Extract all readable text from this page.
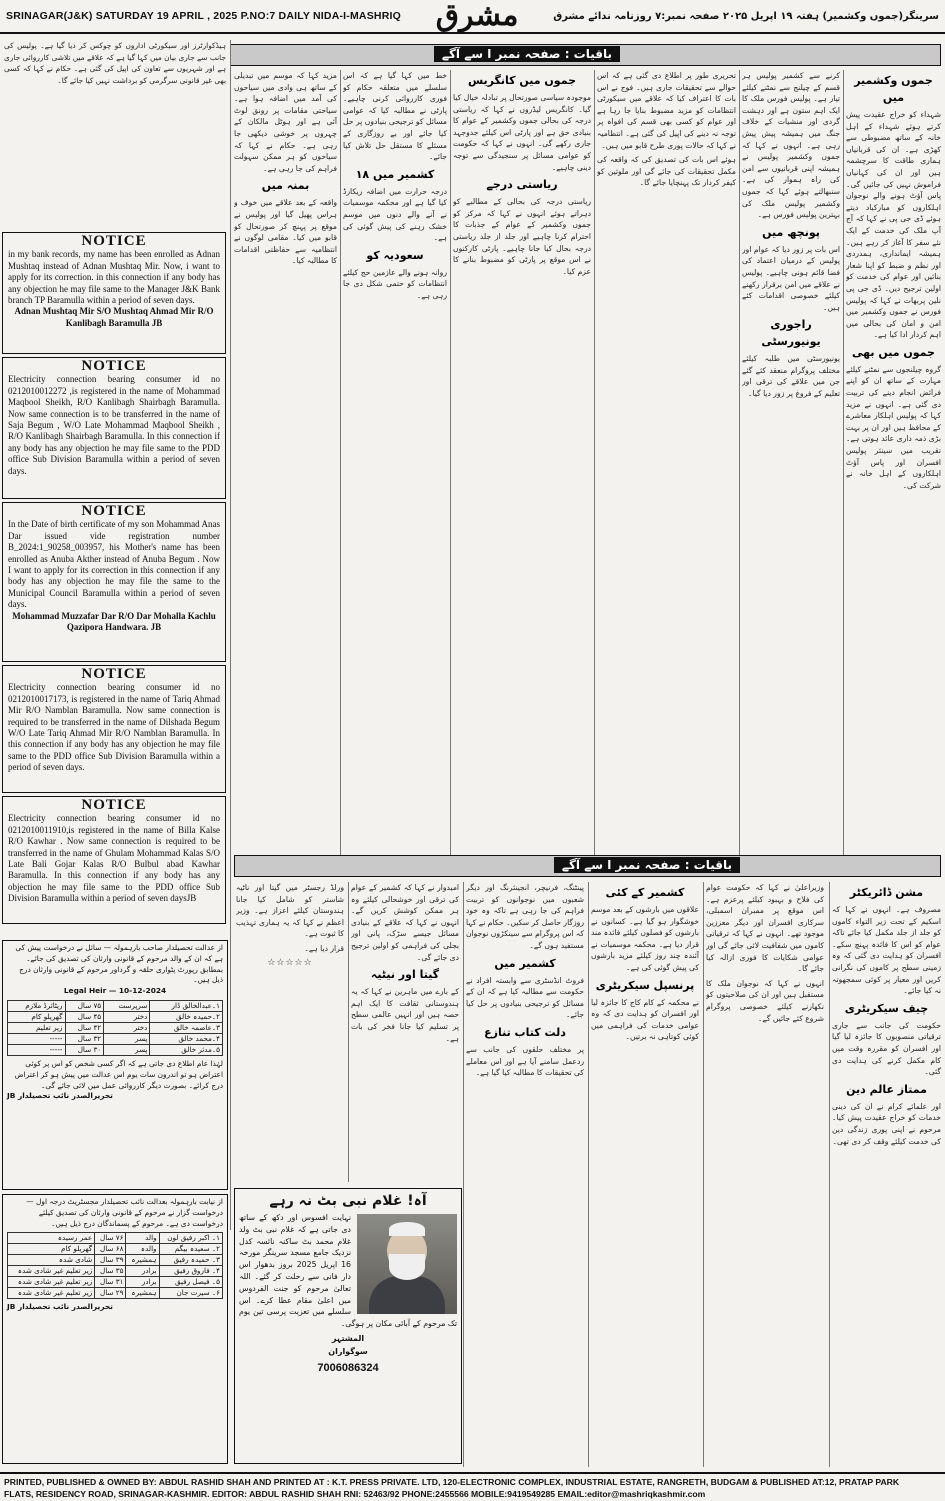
SRINAGAR(J&K) SATURDAY 19 APRIL , 2025 P.NO:7 DAILY NIDA-I-MASHRIQ مشرق	سرینگر(جموں وکشمیر) ہفتہ ۱۹ اپریل ۲۰۲۵ صفحہ نمبر:۷ روزنامہ ندائے مشرق
باقیات : صفحہ نمبر ا سے آگے
جموں وکشمیر میں

شہداء کو خراج عقیدت پیش کرتے ہوئے شہداء کے اہل خانہ کے ساتھ مضبوطی سے کھڑی ہے۔ ان کی قربانیاں ہماری طاقت کا سرچشمہ ہیں اور ان کی کہانیاں فراموش نہیں کی جائیں گی۔ پاس آؤٹ ہونے والے نوجوان اہلکاروں کو مبارکباد دیتے ہوئے ڈی جی پی نے کہا کہ آج آپ ملک کی خدمت کے ایک نئے سفر کا آغاز کر رہے ہیں۔ ہمیشہ ایمانداری، ہمدردی اور نظم و ضبط کو اپنا شعار بنائیں اور عوام کی خدمت کو اولین ترجیح دیں۔ ڈی جی پی نلین پربھات نے کہا کہ پولیس فورس نے جموں وکشمیر میں امن و امان کی بحالی میں اہم کردار ادا کیا ہے۔

جموں میں بھی

گروہ چیلنجوں سے نمٹنے کیلئے مہارت کے ساتھ ان کو اپنے فرائض انجام دینے کی تربیت دی گئی ہے۔ انہوں نے مزید کہا کہ پولیس اہلکار معاشرے کے محافظ ہیں اور ان پر بہت بڑی ذمہ داری عائد ہوتی ہے۔ تقریب میں سینئر پولیس افسران اور پاس آؤٹ اہلکاروں کے اہل خانہ نے شرکت کی۔

کرنے سے کشمیر پولیس ہر قسم کے چیلنج سے نمٹنے کیلئے تیار ہے۔ پولیس فورس ملک کا ایک اہم ستون ہے اور دہشت گردی اور منشیات کے خلاف جنگ میں ہمیشہ پیش پیش رہی ہے۔ انہوں نے کہا کہ جموں وکشمیر پولیس نے ہمیشہ اپنی قربانیوں سے امن کی راہ ہموار کی ہے۔ سنبھالتے ہوئے کہا کہ جموں وکشمیر پولیس ملک کی بہترین پولیس فورس ہے۔

پونچھ میں

اس بات پر زور دیا کہ عوام اور پولیس کے درمیان اعتماد کی فضا قائم ہونی چاہیے۔ پولیس نے علاقے میں امن برقرار رکھنے کیلئے خصوصی اقدامات کئے ہیں۔

راجوری یونیورسٹی

یونیورسٹی میں طلبہ کیلئے مختلف پروگرام منعقد کئے گئے جن میں علاقے کی ترقی اور تعلیم کے فروغ پر زور دیا گیا۔

تحریری طور پر اطلاع دی گئی ہے کہ اس حوالے سے تحقیقات جاری ہیں۔ فوج نے اس بات کا اعتراف کیا کہ علاقے میں سیکورٹی انتظامات کو مزید مضبوط بنایا جا رہا ہے اور عوام کو کسی بھی قسم کی افواہ پر توجہ نہ دینے کی اپیل کی گئی ہے۔ انتظامیہ نے کہا کہ حالات پوری طرح قابو میں ہیں۔

ہوئے اس بات کی تصدیق کی کہ واقعہ کی مکمل تحقیقات کی جائے گی اور ملوثین کو کیفر کردار تک پہنچایا جائے گا۔

جموں میں کانگریس

موجودہ سیاسی صورتحال پر تبادلہ خیال کیا گیا۔ کانگریس لیڈروں نے کہا کہ ریاستی درجہ کی بحالی جموں وکشمیر کے عوام کا بنیادی حق ہے اور پارٹی اس کیلئے جدوجہد جاری رکھے گی۔ انہوں نے کہا کہ حکومت کو عوامی مسائل پر سنجیدگی سے توجہ دینی چاہیے۔

ریاستی درجے

ریاستی درجہ کی بحالی کے مطالبے کو دہراتے ہوئے انہوں نے کہا کہ مرکز کو جموں وکشمیر کے عوام کے جذبات کا احترام کرنا چاہیے اور جلد از جلد ریاستی درجہ بحال کیا جانا چاہیے۔ پارٹی کارکنوں نے اس موقع پر پارٹی کو مضبوط بنانے کا عزم کیا۔

خط میں کہا گیا ہے کہ اس سلسلے میں متعلقہ حکام کو فوری کارروائی کرنی چاہیے۔ پارٹی نے مطالبہ کیا کہ عوامی مسائل کو ترجیحی بنیادوں پر حل کیا جائے اور بے روزگاری کے مسئلے کا مستقل حل تلاش کیا جائے۔

کشمیر میں ۱۸

درجہ حرارت میں اضافہ ریکارڈ کیا گیا ہے اور محکمہ موسمیات نے آنے والے دنوں میں موسم خشک رہنے کی پیش گوئی کی ہے۔

سعودیہ کو

روانہ ہونے والے عازمین حج کیلئے انتظامات کو حتمی شکل دی جا رہی ہے۔

مزید کہا کہ موسم میں تبدیلی کے ساتھ ہی وادی میں سیاحوں کی آمد میں اضافہ ہوا ہے۔ سیاحتی مقامات پر رونق لوٹ آئی ہے اور ہوٹل مالکان کے چہروں پر خوشی دیکھی جا رہی ہے۔ حکام نے کہا کہ سیاحوں کو ہر ممکن سہولت فراہم کی جا رہی ہے۔

بمنہ میں

واقعہ کے بعد علاقے میں خوف و ہراس پھیل گیا اور پولیس نے موقع پر پہنچ کر صورتحال کو قابو میں کیا۔ مقامی لوگوں نے انتظامیہ سے حفاظتی اقدامات کا مطالبہ کیا۔

ہیڈکوارٹرز اور سیکورٹی اداروں کو چوکس کر دیا گیا ہے۔ پولیس کی جانب سے جاری بیان میں کہا گیا ہے کہ علاقے میں تلاشی کارروائی جاری ہے اور شہریوں سے تعاون کی اپیل کی گئی ہے۔ حکام نے کہا کہ کسی بھی غیر قانونی سرگرمی کو برداشت نہیں کیا جائے گا۔

NOTICE
in my bank records, my name has been enrolled as Adnan Mushtaq instead of Adnan Mushtaq Mir. Now, i want to apply for its correction. in this connection if any body has any objection he may file same to the Manager J&K Bank branch TP Baramulla within a period of seven days.
Adnan Mushtaq Mir S/O Mushtaq Ahmad Mir R/O Kanlibagh Baramulla JB
NOTICE
Electricity connection bearing consumer id no 0212010012272 ,is registered in the name of Mohammad Maqbool Sheikh, R/O Kanlibagh Shairbagh Baramulla. Now same connection is to be transferred in the name of Saja Begum , W/O Late Mohammad Maqbool Sheikh , R/O Kanlibagh Shairbagh Baramulla. In this connection if any body has any objection he may file same to the PDD office Sub Division Baramulla within a period of seven days.
NOTICE
In the Date of birth certificate of my son Mohammad Anas Dar issued vide registration number B_2024:1_90258_003957, his Mother's name has been enrolled as Anuba Akther instead of Anuba Begum . Now I want to apply for its correction in this connection if any body has any objection he may file the same to the Municipal Council Baramulla within a period of seven days.
Mohammad Muzzafar Dar R/O Dar Mohalla Kachlu Qazipora Handwara. JB
NOTICE
Electricity connection bearing consumer id no 0212010017173, is registered in the name of Tariq Ahmad Mir R/O Namblan Baramulla. Now same connection is required to be transferred in the name of Dilshada Begum W/O Late Tariq Ahmad Mir R/O Namblan Baramulla. In this connection if any body has any objection he may file same to the PDD office Sub Division Baramulla within a period of seven days.
NOTICE
Electricity connection bearing consumer id no 0212010011910,is registered in the name of Billa Kalse R/O Kawhar . Now same connection is required to be transferred in the name of Ghulam Mohammad Kalas S/O Late Bali Gojar Kalas R/O Bulbul abad Kawhar Baramulla. In this connection if any body has any objection he may file same to the PDD office Sub Division Baramulla within a period of seven daysJB
از عدالت تحصیلدار صاحب بارہمولہ — سائل نے درخواست پیش کی ہے کہ ان کے والد مرحوم کے قانونی وارثان کی تصدیق کی جائے۔ بمطابق رپورٹ پٹواری حلقہ و گرداور مرحوم کے قانونی وارثان درج ذیل ہیں۔
Legal Heir — 10-12-2024
۱۔عبدالخالق ڈار	سرپرست	۷۵ سال	ریٹائرڈ ملازم
۲۔حمیدہ خالق	دختر	۴۵ سال	گھریلو کام
۳۔عاصمہ خالق	دختر	۴۲ سال	زیر تعلیم
۴۔محمد خالق	پسر	۳۲ سال	-----
۵۔مدثر خالق	پسر	۳۰ سال	-----
لہٰذا عام اطلاع دی جاتی ہے کہ اگر کسی شخص کو اس پر کوئی اعتراض ہو تو اندرون سات یوم اس عدالت میں پیش ہو کر اعتراض درج کرائے۔ بصورت دیگر کارروائی عمل میں لائی جائے گی۔
تحریرالصدر نائب تحصیلدار JB
از نیابت بارہمولہ بعدالت نائب تحصیلدار مجسٹریٹ درجہ اول — درخواست گزار نے مرحوم کے قانونی وارثان کی تصدیق کیلئے درخواست دی ہے۔ مرحوم کے پسماندگان درج ذیل ہیں۔
۱۔ اکبر رفیق لون	والد	۷۶ سال	عمر رسیدہ
۲۔ سعیدہ بیگم	والدہ	۶۸ سال	گھریلو کام
۳۔ حمیدہ رفیق	ہمشیرہ	۳۹ سال	شادی شدہ
۴۔ فاروق رفیق	برادر	۳۵ سال	زیر تعلیم غیر شادی شدہ
۵۔ فیصل رفیق	برادر	۳۱ سال	زیر تعلیم غیر شادی شدہ
۶۔ سیرت جان	ہمشیرہ	۲۹ سال	زیر تعلیم غیر شادی شدہ
تحریرالصدر نائب تحصیلدار JB
باقیات : صفحہ نمبر ا سے آگے
مشن ڈائریکٹر

مصروف ہے۔ انہوں نے کہا کہ اسکیم کے تحت زیر التواء کاموں کو جلد از جلد مکمل کیا جائے تاکہ عوام کو اس کا فائدہ پہنچ سکے۔ افسران کو ہدایت دی گئی کہ وہ زمینی سطح پر کاموں کی نگرانی کریں اور معیار پر کوئی سمجھوتہ نہ کیا جائے۔

چیف سیکریٹری

حکومت کی جانب سے جاری ترقیاتی منصوبوں کا جائزہ لیا گیا اور افسران کو مقررہ وقت میں کام مکمل کرنے کی ہدایت دی گئی۔

ممتاز عالم دین

اور علمائے کرام نے ان کی دینی خدمات کو خراج عقیدت پیش کیا۔ مرحوم نے اپنی پوری زندگی دین کی خدمت کیلئے وقف کر دی تھی۔

وزیراعلیٰ نے کہا کہ حکومت عوام کی فلاح و بہبود کیلئے پرعزم ہے۔ اس موقع پر ممبران اسمبلی، سرکاری افسران اور دیگر معززین موجود تھے۔ انہوں نے کہا کہ ترقیاتی کاموں میں شفافیت لائی جائے گی اور عوامی شکایات کا فوری ازالہ کیا جائے گا۔

انہوں نے کہا کہ نوجوان ملک کا مستقبل ہیں اور ان کی صلاحیتوں کو نکھارنے کیلئے خصوصی پروگرام شروع کئے جائیں گے۔

کشمیر کے کئی

علاقوں میں بارشوں کے بعد موسم خوشگوار ہو گیا ہے۔ کسانوں نے بارشوں کو فصلوں کیلئے فائدہ مند قرار دیا ہے۔ محکمہ موسمیات نے آئندہ چند روز کیلئے مزید بارشوں کی پیش گوئی کی ہے۔

پرنسپل سیکریٹری

نے محکمہ کے کام کاج کا جائزہ لیا اور افسران کو ہدایت دی کہ وہ عوامی خدمات کی فراہمی میں کوئی کوتاہی نہ برتیں۔

پینٹنگ، فرنیچر، انجینئرنگ اور دیگر شعبوں میں نوجوانوں کو تربیت فراہم کی جا رہی ہے تاکہ وہ خود روزگار حاصل کر سکیں۔ حکام نے کہا کہ اس پروگرام سے سینکڑوں نوجوان مستفید ہوں گے۔

کشمیر میں

فروٹ انڈسٹری سے وابستہ افراد نے حکومت سے مطالبہ کیا ہے کہ ان کے مسائل کو ترجیحی بنیادوں پر حل کیا جائے۔

دلت کتاب تنازع

پر مختلف حلقوں کی جانب سے ردعمل سامنے آیا ہے اور اس معاملے کی تحقیقات کا مطالبہ کیا گیا ہے۔

امیدوار نے کہا کہ کشمیر کے عوام کی ترقی اور خوشحالی کیلئے وہ ہر ممکن کوشش کریں گے۔ انہوں نے کہا کہ علاقے کے بنیادی مسائل جیسے سڑک، پانی اور بجلی کی فراہمی کو اولین ترجیح دی جائے گی۔

گیتا اور نیٹیہ

کے بارے میں ماہرین نے کہا کہ یہ ہندوستانی ثقافت کا ایک اہم حصہ ہیں اور انہیں عالمی سطح پر تسلیم کیا جانا فخر کی بات ہے۔

ورلڈ رجسٹر میں گیتا اور ناٹیہ شاستر کو شامل کیا جانا ہندوستان کیلئے اعزاز ہے۔ وزیر اعظم نے کہا کہ یہ ہماری تہذیب کا ثبوت ہے۔

قرار دیا ہے۔

☆☆☆☆☆
آہ! غلام نبی بٹ نہ رہے
نہایت افسوس اور دکھ کے ساتھ دی جاتی ہے کہ غلام نبی بٹ ولد غلام محمد بٹ ساکنہ نائسہ کدل نزدیک جامع مسجد سرینگر مورخہ 16 اپریل 2025 بروز بدھوار اس دار فانی سے رحلت کر گئے۔ اللہ تعالیٰ مرحوم کو جنت الفردوس میں اعلیٰ مقام عطا کرے۔ اس سلسلے میں تعزیت پرسی تین یوم تک مرحوم کے آبائی مکان پر ہوگی۔
المشتہر
سوگواران
7006086324
PRINTED, PUBLISHED & OWNED BY: ABDUL RASHID SHAH AND PRINTED AT : K.T. PRESS PRIVATE. LTD, 120-ELECTRONIC COMPLEX, INDUSTRIAL ESTATE, RANGRETH, BUDGAM & PUBLISHED AT:12, PRATAP PARK
FLATS, RESIDENCY ROAD, SRINAGAR-KASHMIR. EDITOR: ABDUL RASHID SHAH RNI: 52463/92 PHONE:2455566 MOBILE:9419549285 EMAIL:editor@mashriqkashmir.com
